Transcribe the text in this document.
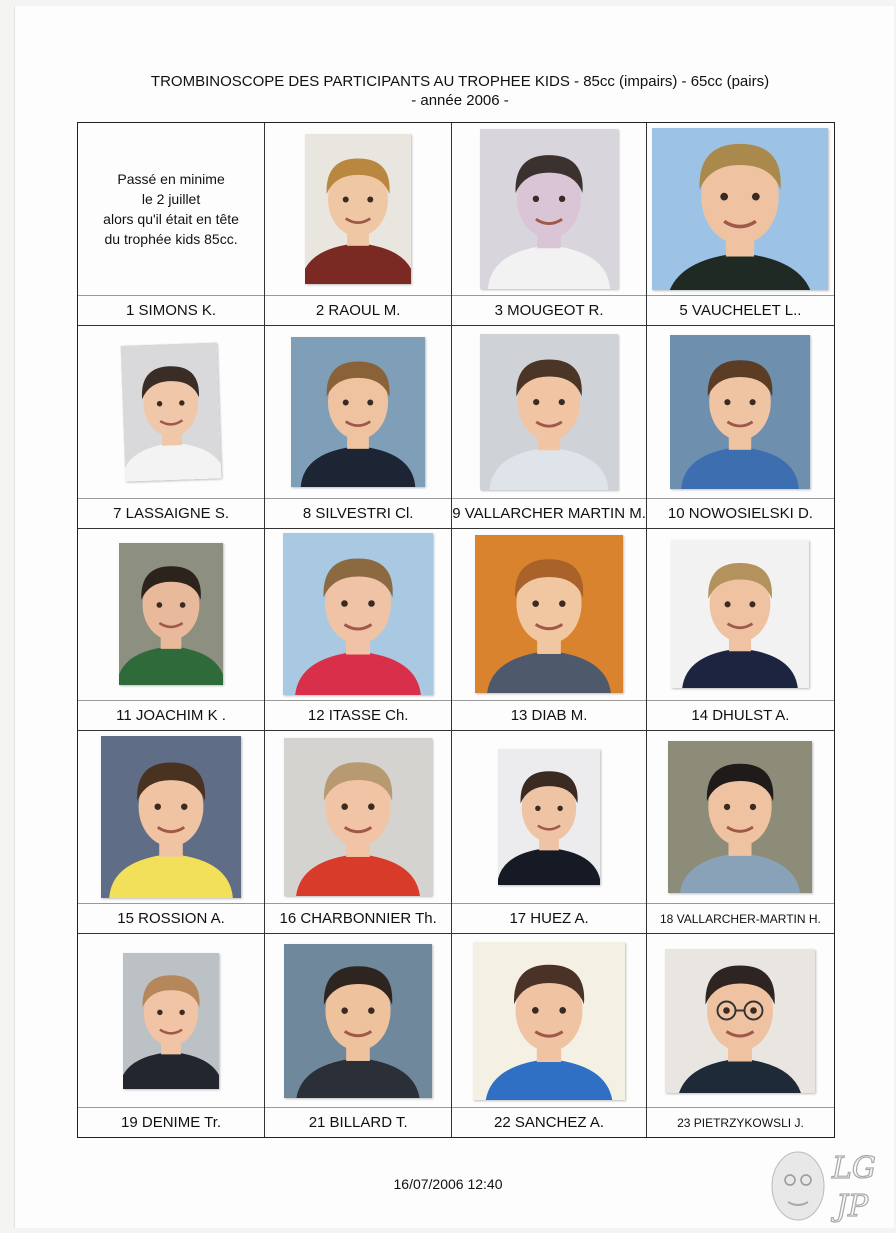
TROMBINOSCOPE DES PARTICIPANTS AU TROPHEE KIDS - 85cc (impairs) - 65cc (pairs)
- année 2006 -
Passé en minime
le 2 juillet
alors qu'il était en tête
du trophée kids 85cc.
1 SIMONS K.	2 RAOUL M.	3 MOUGEOT R.	5 VAUCHELET L..
7 LASSAIGNE S.	8 SILVESTRI Cl.	9 VALLARCHER MARTIN M.	10 NOWOSIELSKI D.
11 JOACHIM K .	12 ITASSE Ch.	13 DIAB M.	14 DHULST A.
15 ROSSION A.	16 CHARBONNIER Th.	17 HUEZ A.	18 VALLARCHER-MARTIN H.
19 DENIME Tr.	21 BILLARD T.	22 SANCHEZ A.	23 PIETRZYKOWSLI J.
16/07/2006 12:40	LG
JP
